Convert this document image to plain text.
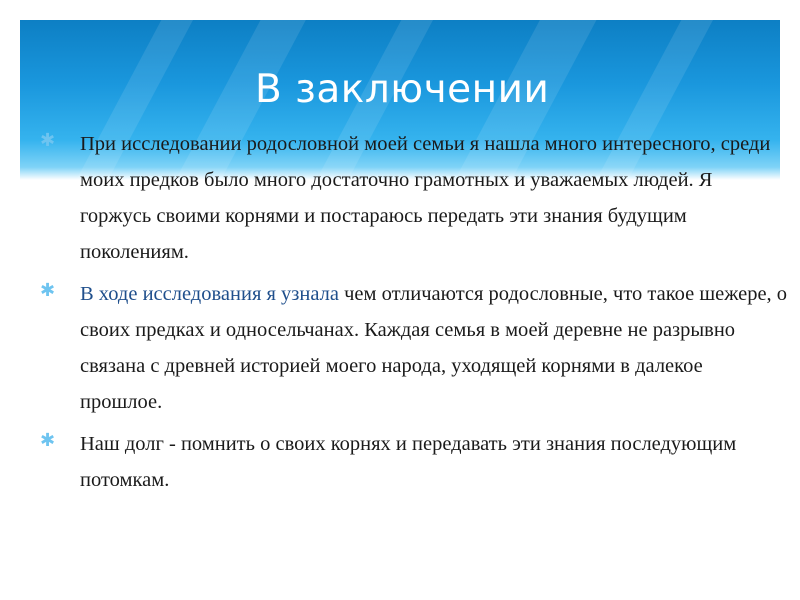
В заключении
✱ При исследовании родословной моей семьи я нашла много интересного, среди моих предков было много достаточно грамотных и уважаемых людей. Я горжусь своими корнями и постараюсь передать эти знания будущим поколениям.
✱ В ходе исследования я узнала чем отличаются родословные, что такое шежере, о своих предках и односельчанах. Каждая семья в моей деревне не разрывно связана с древней историей моего народа, уходящей корнями в далекое прошлое.
✱ Наш долг - помнить о своих корнях и передавать эти знания последующим потомкам.
